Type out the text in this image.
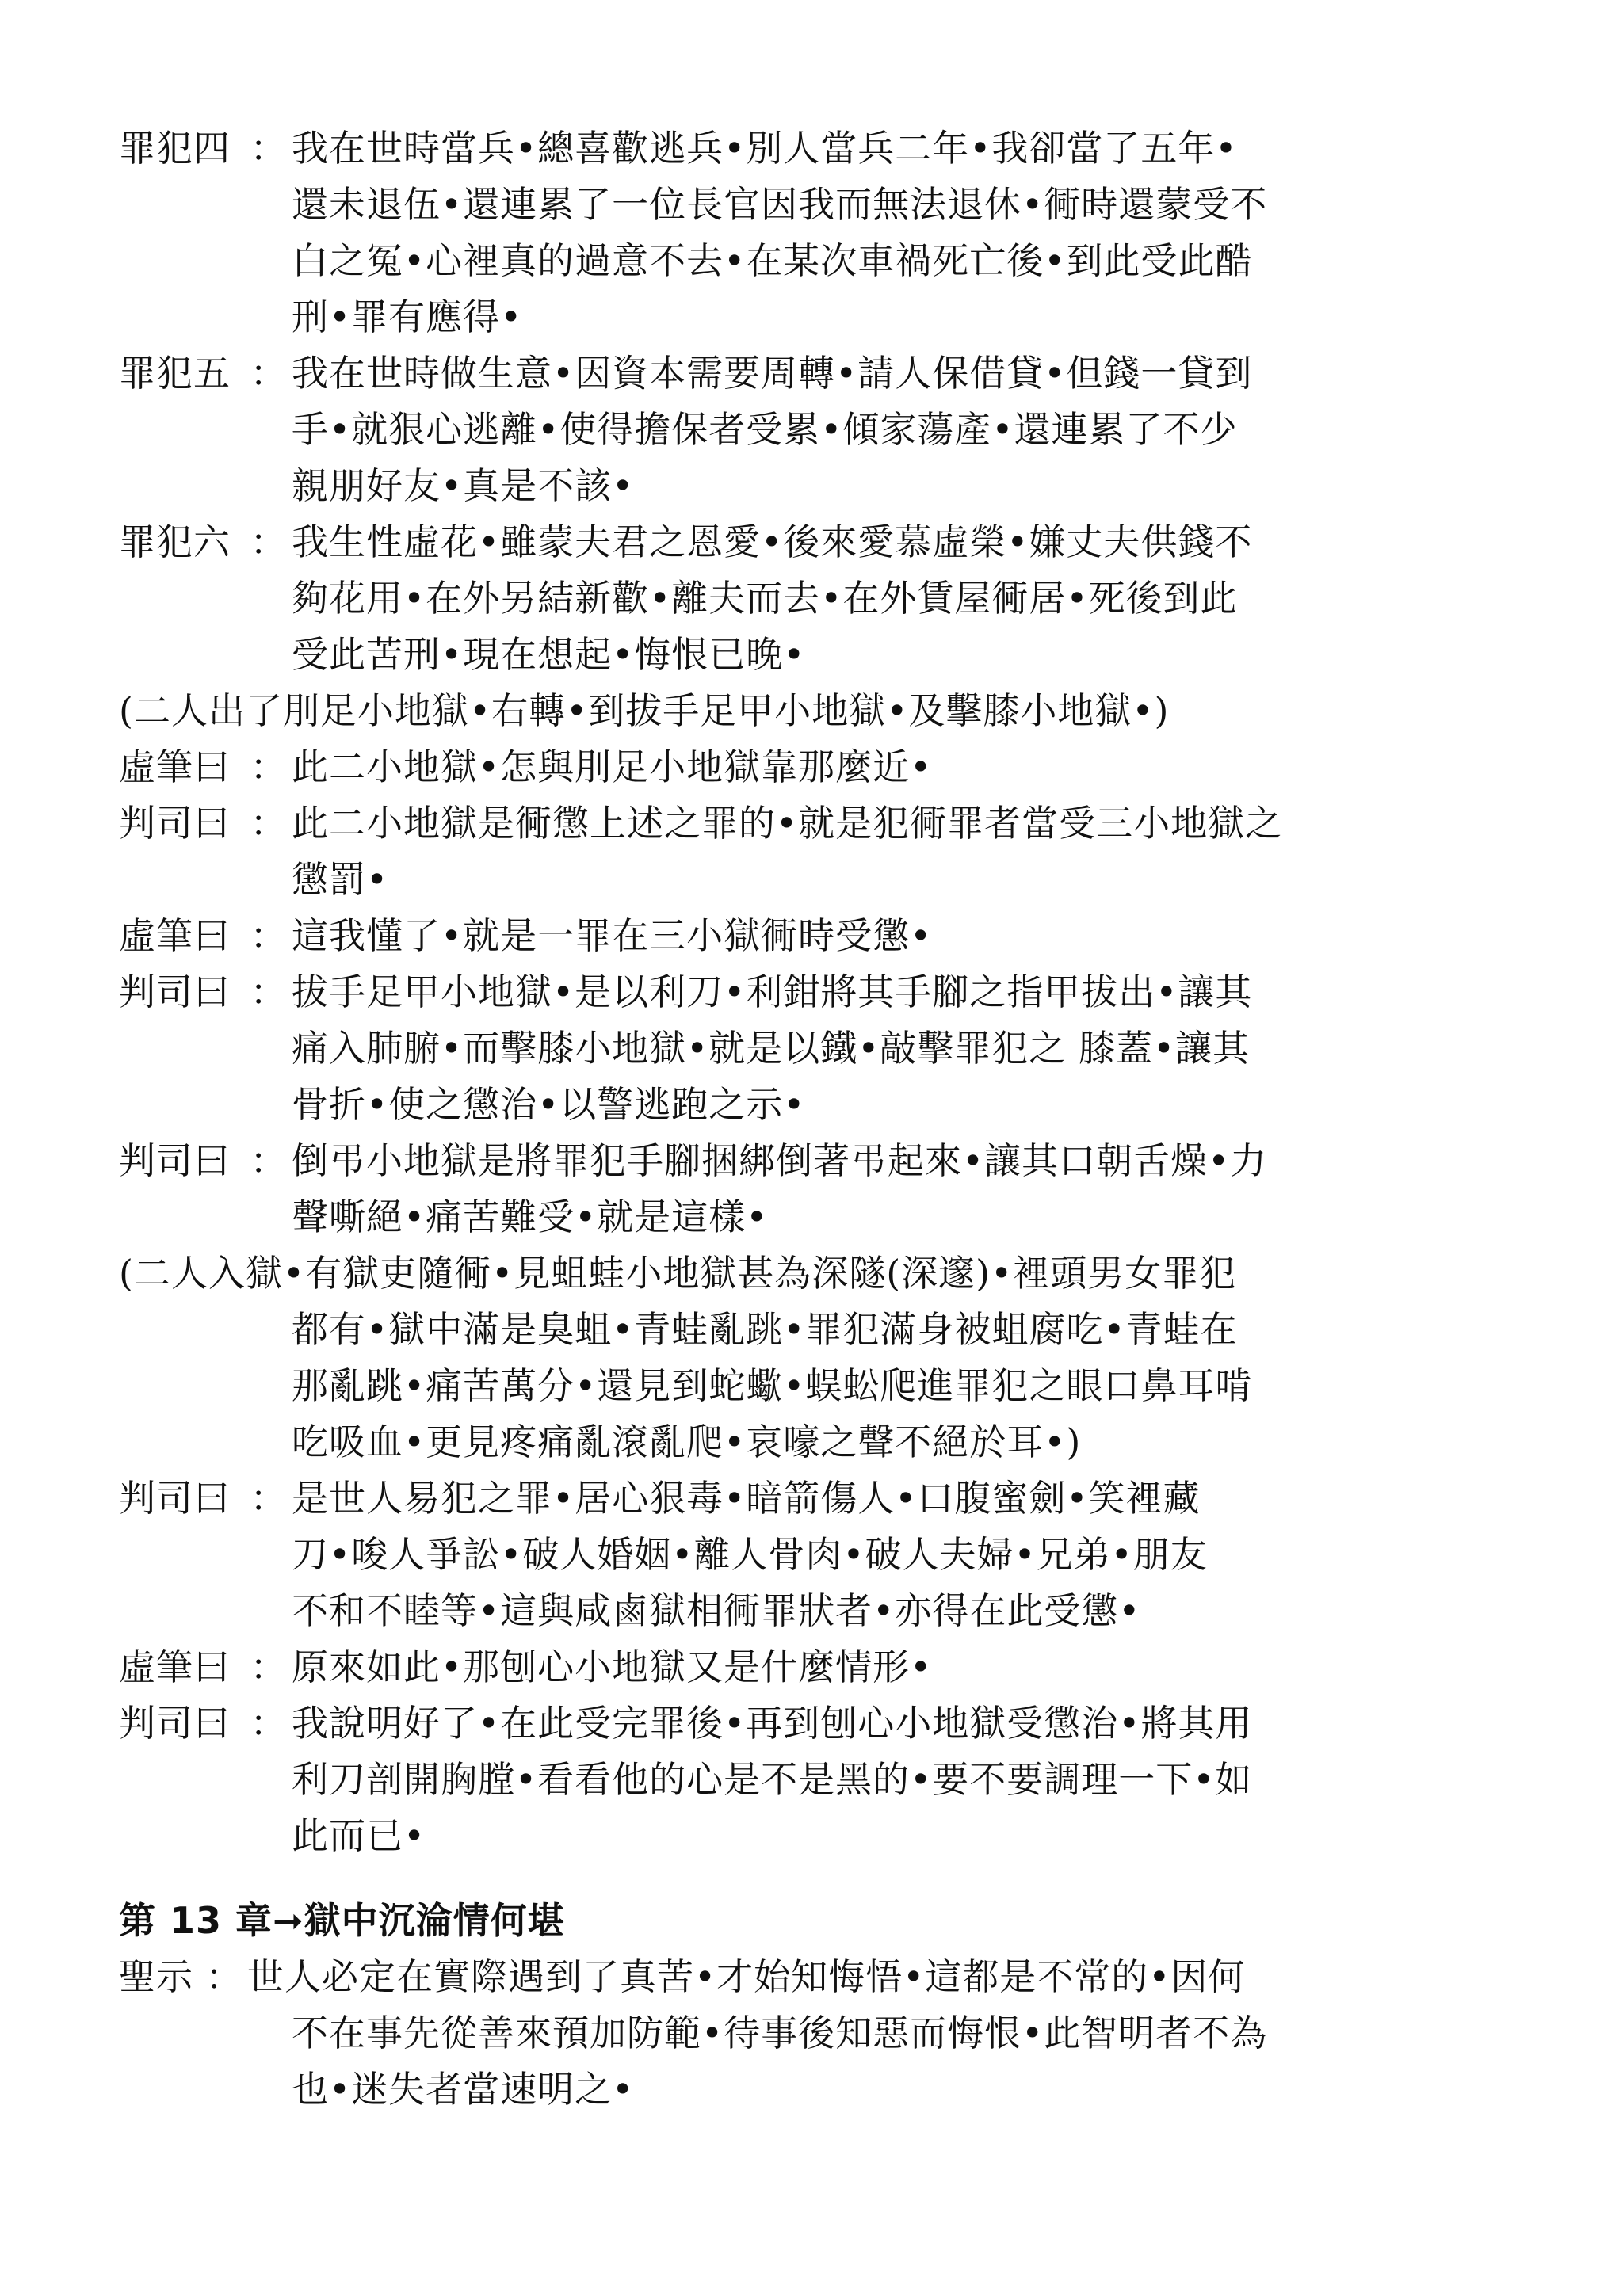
罪犯四 ： 我在世時當兵•總喜歡逃兵•別人當兵二年•我卻當了五年•
還未退伍•還連累了一位長官因我而無法退休•衕時還蒙受不
白之冤•心裡真的過意不去•在某次車禍死亡後•到此受此酷
刑•罪有應得•
罪犯五 ： 我在世時做生意•因資本需要周轉•請人保借貸•但錢一貸到
手•就狠心逃離•使得擔保者受累•傾家蕩產•還連累了不少
親朋好友•真是不該•
罪犯六 ： 我生性虛花•雖蒙夫君之恩愛•後來愛慕虛榮•嫌丈夫供錢不
夠花用•在外另結新歡•離夫而去•在外賃屋衕居•死後到此
受此苦刑•現在想起•悔恨已晚•
(二人出了刖足小地獄•右轉•到拔手足甲小地獄•及擊膝小地獄•)
虛筆曰 ： 此二小地獄•怎與刖足小地獄靠那麼近•
判司曰 ： 此二小地獄是衕懲上述之罪的•就是犯衕罪者當受三小地獄之
懲罰•
虛筆曰 ： 這我懂了•就是一罪在三小獄衕時受懲•
判司曰 ： 拔手足甲小地獄•是以利刀•利鉗將其手腳之指甲拔出•讓其
痛入肺腑•而擊膝小地獄•就是以鐵•敲擊罪犯之 膝蓋•讓其
骨折•使之懲治•以警逃跑之示•
判司曰 ： 倒弔小地獄是將罪犯手腳捆綁倒著弔起來•讓其口朝舌燥•力
聲嘶絕•痛苦難受•就是這樣•
(二人入獄•有獄吏隨衕•見蛆蛙小地獄甚為深隧(深邃)•裡頭男女罪犯
都有•獄中滿是臭蛆•青蛙亂跳•罪犯滿身被蛆腐吃•青蛙在
那亂跳•痛苦萬分•還見到蛇蠍•蜈蚣爬進罪犯之眼口鼻耳啃
吃吸血•更見疼痛亂滾亂爬•哀嚎之聲不絕於耳•)
判司曰 ： 是世人易犯之罪•居心狠毒•暗箭傷人•口腹蜜劍•笑裡藏
刀•唆人爭訟•破人婚姻•離人骨肉•破人夫婦•兄弟•朋友
不和不睦等•這與咸鹵獄相衕罪狀者•亦得在此受懲•
虛筆曰 ： 原來如此•那刨心小地獄又是什麼情形•
判司曰 ： 我說明好了•在此受完罪後•再到刨心小地獄受懲治•將其用
利刀剖開胸膛•看看他的心是不是黑的•要不要調理一下•如
此而已•
第 13 章➞獄中沉淪情何堪
聖示 ： 世人必定在實際遇到了真苦•才始知悔悟•這都是不常的•因何
不在事先從善來預加防範•待事後知惡而悔恨•此智明者不為
也•迷失者當速明之•
